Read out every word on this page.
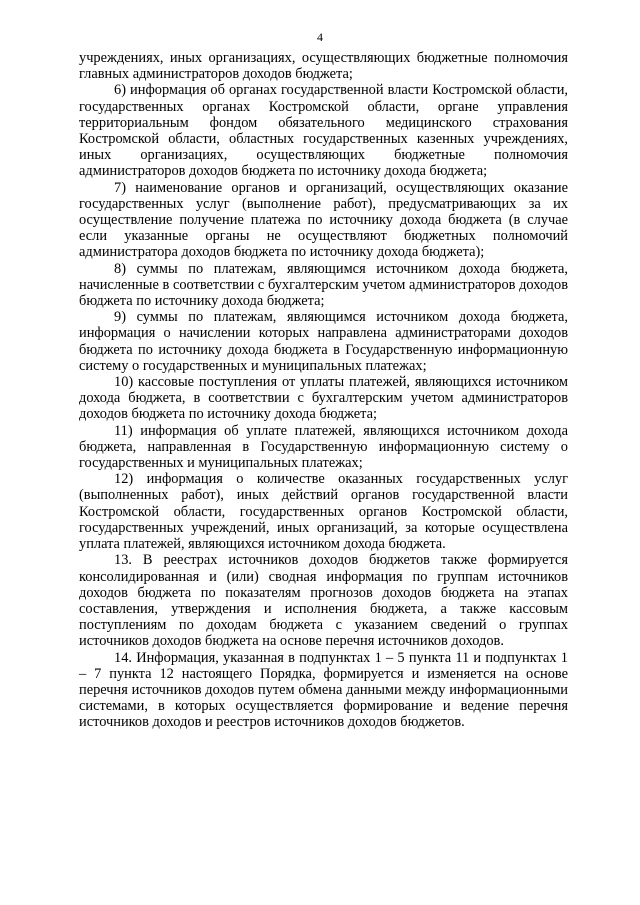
4

учреждениях, иных организациях, осуществляющих бюджетные полномочия главных администраторов доходов бюджета;

6) информация об органах государственной власти Костромской области, государственных органах Костромской области, органе управления территориальным фондом обязательного медицинского страхования Костромской области, областных государственных казенных учреждениях, иных организациях, осуществляющих бюджетные полномочия администраторов доходов бюджета по источнику дохода бюджета;

7) наименование органов и организаций, осуществляющих оказание государственных услуг (выполнение работ), предусматривающих за их осуществление получение платежа по источнику дохода бюджета (в случае если указанные органы не осуществляют бюджетных полномочий администратора доходов бюджета по источнику дохода бюджета);

8) суммы по платежам, являющимся источником дохода бюджета, начисленные в соответствии с бухгалтерским учетом администраторов доходов бюджета по источнику дохода бюджета;

9) суммы по платежам, являющимся источником дохода бюджета, информация о начислении которых направлена администраторами доходов бюджета по источнику дохода бюджета в Государственную информационную систему о государственных и муниципальных платежах;

10) кассовые поступления от уплаты платежей, являющихся источником дохода бюджета, в соответствии с бухгалтерским учетом администраторов доходов бюджета по источнику дохода бюджета;

11) информация об уплате платежей, являющихся источником дохода бюджета, направленная в Государственную информационную систему о государственных и муниципальных платежах;

12) информация о количестве оказанных государственных услуг (выполненных работ), иных действий органов государственной власти Костромской области, государственных органов Костромской области, государственных учреждений, иных организаций, за которые осуществлена уплата платежей, являющихся источником дохода бюджета.

13. В реестрах источников доходов бюджетов также формируется консолидированная и (или) сводная информация по группам источников доходов бюджета по показателям прогнозов доходов бюджета на этапах составления, утверждения и исполнения бюджета, а также кассовым поступлениям по доходам бюджета с указанием сведений о группах источников доходов бюджета на основе перечня источников доходов.

14. Информация, указанная в подпунктах 1 – 5 пункта 11 и подпунктах 1 – 7 пункта 12 настоящего Порядка, формируется и изменяется на основе перечня источников доходов путем обмена данными между информационными системами, в которых осуществляется формирование и ведение перечня источников доходов и реестров источников доходов бюджетов.
